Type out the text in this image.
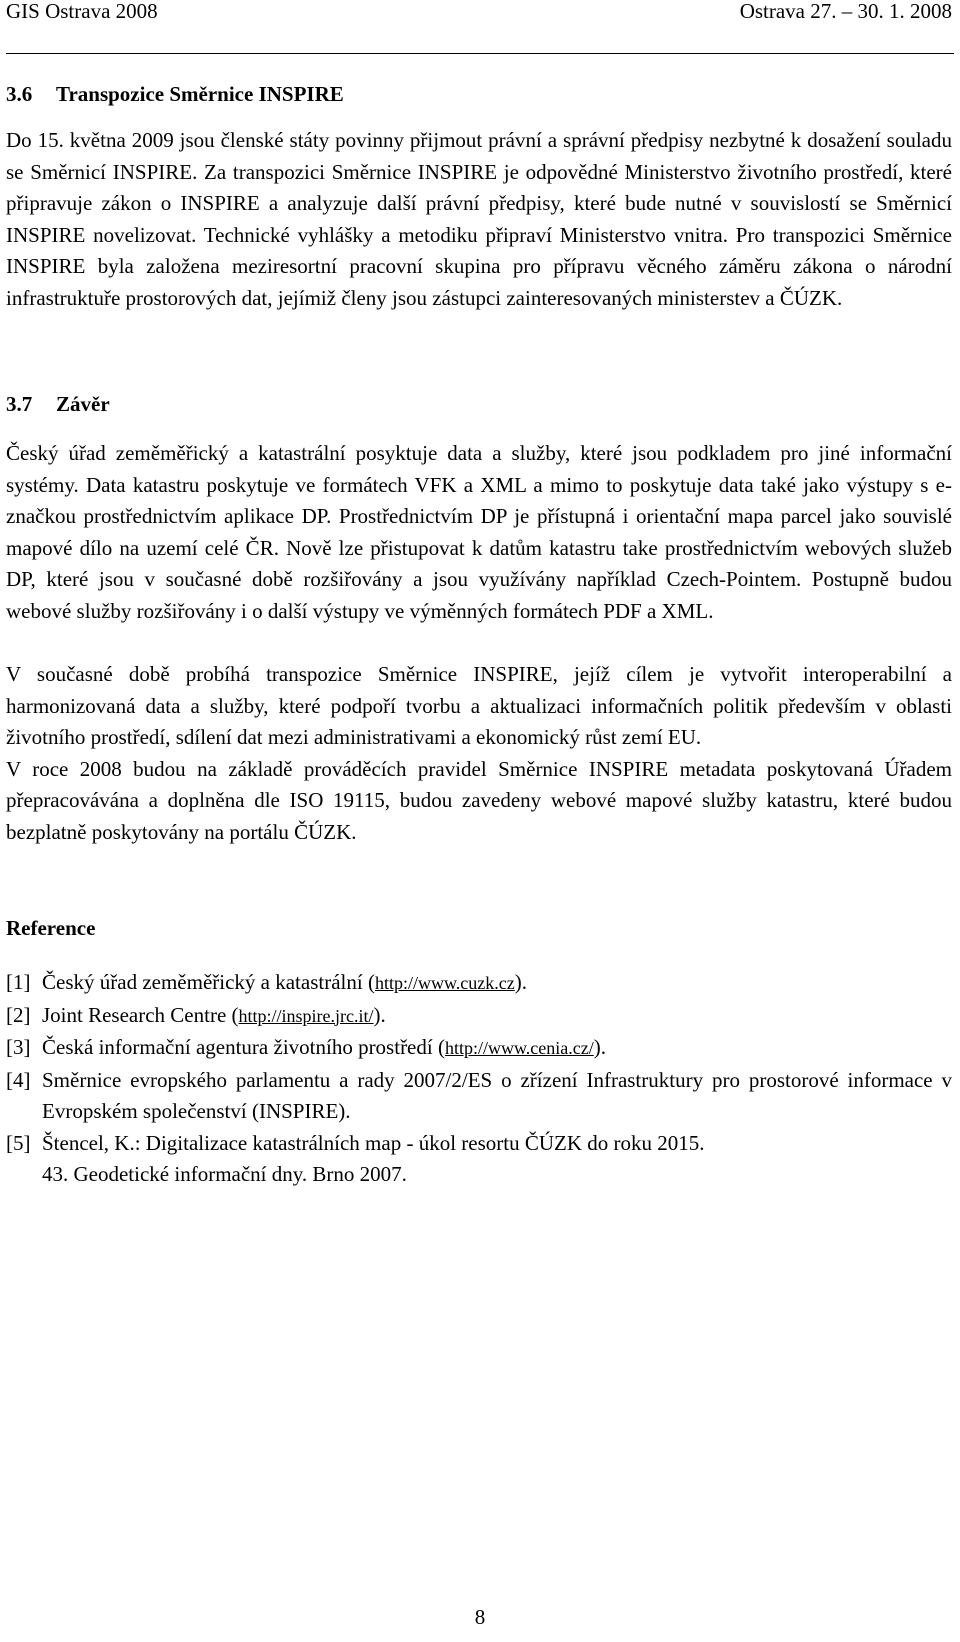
GIS Ostrava 2008	Ostrava 27. – 30. 1. 2008
3.6 Transpozice Směrnice INSPIRE

Do 15. května 2009 jsou členské státy povinny přijmout právní a správní předpisy nezbytné k dosažení souladu se Směrnicí INSPIRE. Za transpozici Směrnice INSPIRE je odpovědné Ministerstvo životního prostředí, které připravuje zákon o INSPIRE a analyzuje další právní předpisy, které bude nutné v souvislostí se Směrnicí INSPIRE novelizovat. Technické vyhlášky a metodiku připraví Ministerstvo vnitra. Pro transpozici Směrnice INSPIRE byla založena meziresortní pracovní skupina pro přípravu věcného záměru zákona o národní infrastruktuře prostorových dat, jejímiž členy jsou zástupci zainteresovaných ministerstev a ČÚZK.

3.7 Závěr

Český úřad zeměměřický a katastrální posyktuje data a služby, které jsou podkladem pro jiné informační systémy. Data katastru poskytuje ve formátech VFK a XML a mimo to poskytuje data také jako výstupy s e-značkou prostřednictvím aplikace DP. Prostřednictvím DP je přístupná i orientační mapa parcel jako souvislé mapové dílo na uzemí celé ČR. Nově lze přistupovat k datům katastru take prostřednictvím webových služeb DP, které jsou v současné době rozšiřovány a jsou využívány například Czech-Pointem. Postupně budou webové služby rozšiřovány i o další výstupy ve výměnných formátech PDF a XML.

V současné době probíhá transpozice Směrnice INSPIRE, jejíž cílem je vytvořit interoperabilní a harmonizovaná data a služby, které podpoří tvorbu a aktualizaci informačních politik především v oblasti životního prostředí, sdílení dat mezi administrativami a ekonomický růst zemí EU.

V roce 2008 budou na základě prováděcích pravidel Směrnice INSPIRE metadata poskytovaná Úřadem přepracovávána a doplněna dle ISO 19115, budou zavedeny webové mapové služby katastru, které budou bezplatně poskytovány na portálu ČÚZK.

Reference
[1] Český úřad zeměměřický a katastrální (http://www.cuzk.cz).
[2] Joint Research Centre (http://inspire.jrc.it/).
[3] Česká informační agentura životního prostředí (http://www.cenia.cz/).
[4] Směrnice evropského parlamentu a rady 2007/2/ES o zřízení Infrastruktury pro prostorové informace v Evropském společenství (INSPIRE).
[5] Štencel, K.: Digitalizace katastrálních map - úkol resortu ČÚZK do roku 2015.
43. Geodetické informační dny. Brno 2007.
8
